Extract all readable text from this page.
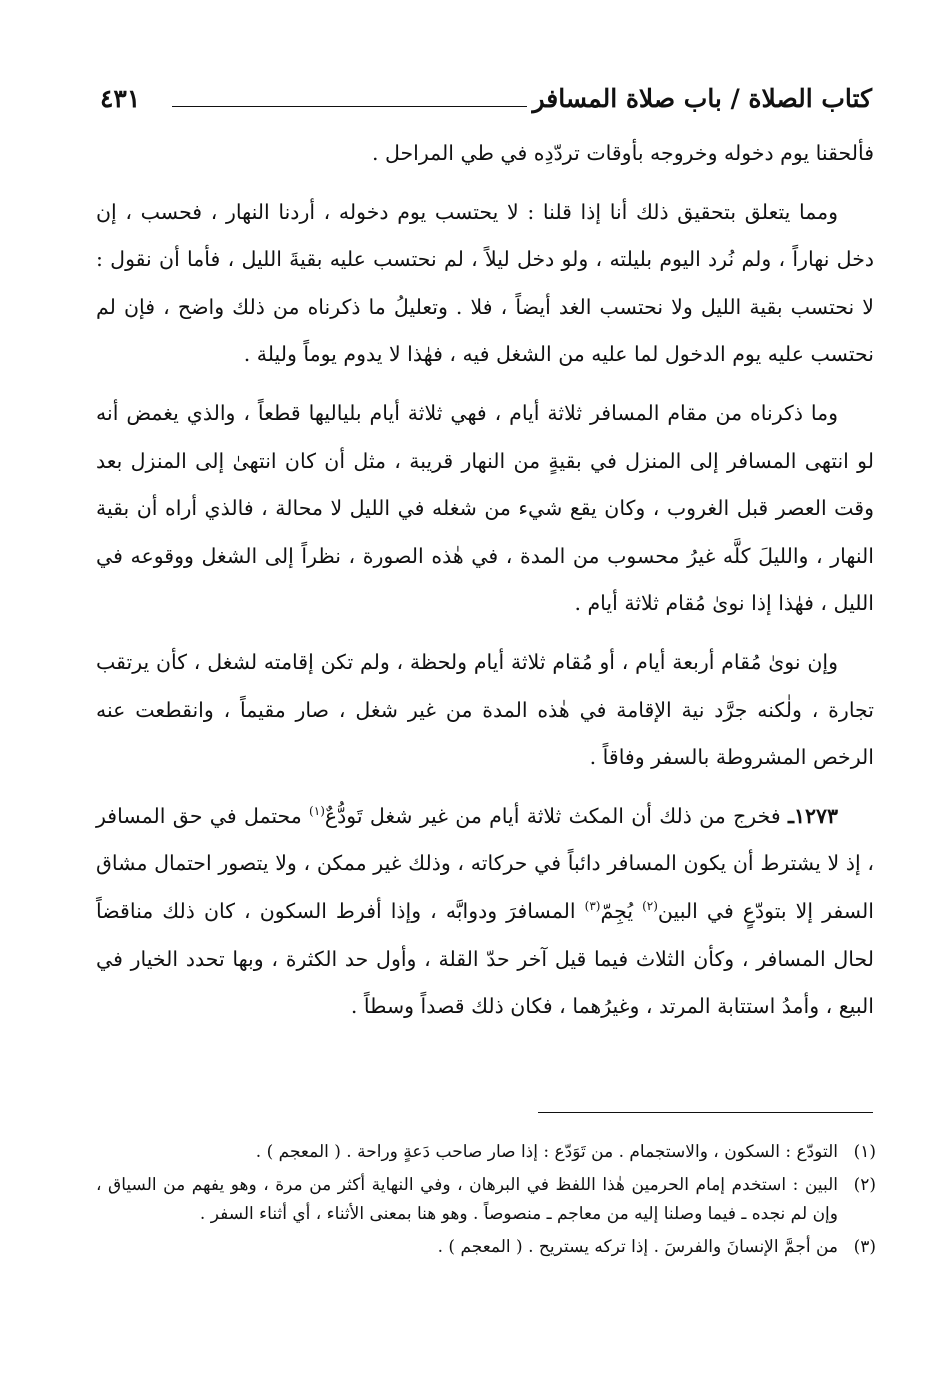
كتاب الصلاة / باب صلاة المسافر
٤٣١

فألحقنا يوم دخوله وخروجه بأوقات تردّدِه في طي المراحل .

ومما يتعلق بتحقيق ذلك أنا إذا قلنا : لا يحتسب يوم دخوله ، أردنا النهار ، فحسب ، إن دخل نهاراً ، ولم نُرد اليوم بليلته ، ولو دخل ليلاً ، لم نحتسب عليه بقيةَ الليل ، فأما أن نقول : لا نحتسب بقية الليل ولا نحتسب الغد أيضاً ، فلا . وتعليلُ ما ذكرناه من ذلك واضح ، فإن لم نحتسب عليه يوم الدخول لما عليه من الشغل فيه ، فهٰذا لا يدوم يوماً وليلة .

وما ذكرناه من مقام المسافر ثلاثة أيام ، فهي ثلاثة أيام بلياليها قطعاً ، والذي يغمض أنه لو انتهى المسافر إلى المنزل في بقيةٍ من النهار قريبة ، مثل أن كان انتهىٰ إلى المنزل بعد وقت العصر قبل الغروب ، وكان يقع شيء من شغله في الليل لا محالة ، فالذي أراه أن بقية النهار ، والليلَ كلَّه غيرُ محسوب من المدة ، في هٰذه الصورة ، نظراً إلى الشغل ووقوعه في الليل ، فهٰذا إذا نوىٰ مُقام ثلاثة أيام .

وإن نوىٰ مُقام أربعة أيام ، أو مُقام ثلاثة أيام ولحظة ، ولم تكن إقامته لشغل ، كأن يرتقب تجارة ، ولٰكنه جرَّد نية الإقامة في هٰذه المدة من غير شغل ، صار مقيماً ، وانقطعت عنه الرخص المشروطة بالسفر وفاقاً .

١٢٧٣ـ فخرج من ذلك أن المكث ثلاثة أيام من غير شغل تَودُّعٌ$^{(١)}$ محتمل في حق المسافر ، إذ لا يشترط أن يكون المسافر دائباً في حركاته ، وذلك غير ممكن ، ولا يتصور احتمال مشاق السفر إلا بتودّعٍ في البين$^{(٢)}$ يُجِمّ$^{(٣)}$ المسافرَ ودوابَّه ، وإذا أفرط السكون ، كان ذلك مناقضاً لحال المسافر ، وكأن الثلاث فيما قيل آخر حدّ القلة ، وأول حد الكثرة ، وبها تحدد الخيار في البيع ، وأمدُ استتابة المرتد ، وغيرُهما ، فكان ذلك قصداً وسطاً .

(١)
التودّع : السكون ، والاستجمام . من تَوَدّع : إذا صار صاحب دَعةٍ وراحة . ( المعجم ) .

(٢)
البين : استخدم إمام الحرمين هٰذا اللفظ في البرهان ، وفي النهاية أكثر من مرة ، وهو يفهم من السياق ، وإن لم نجده ـ فيما وصلنا إليه من معاجم ـ منصوصاً . وهو هنا بمعنى الأثناء ، أي أثناء السفر .

(٣)
من أجمَّ الإنسانَ والفرسَ . إذا تركه يستريح . ( المعجم ) .
